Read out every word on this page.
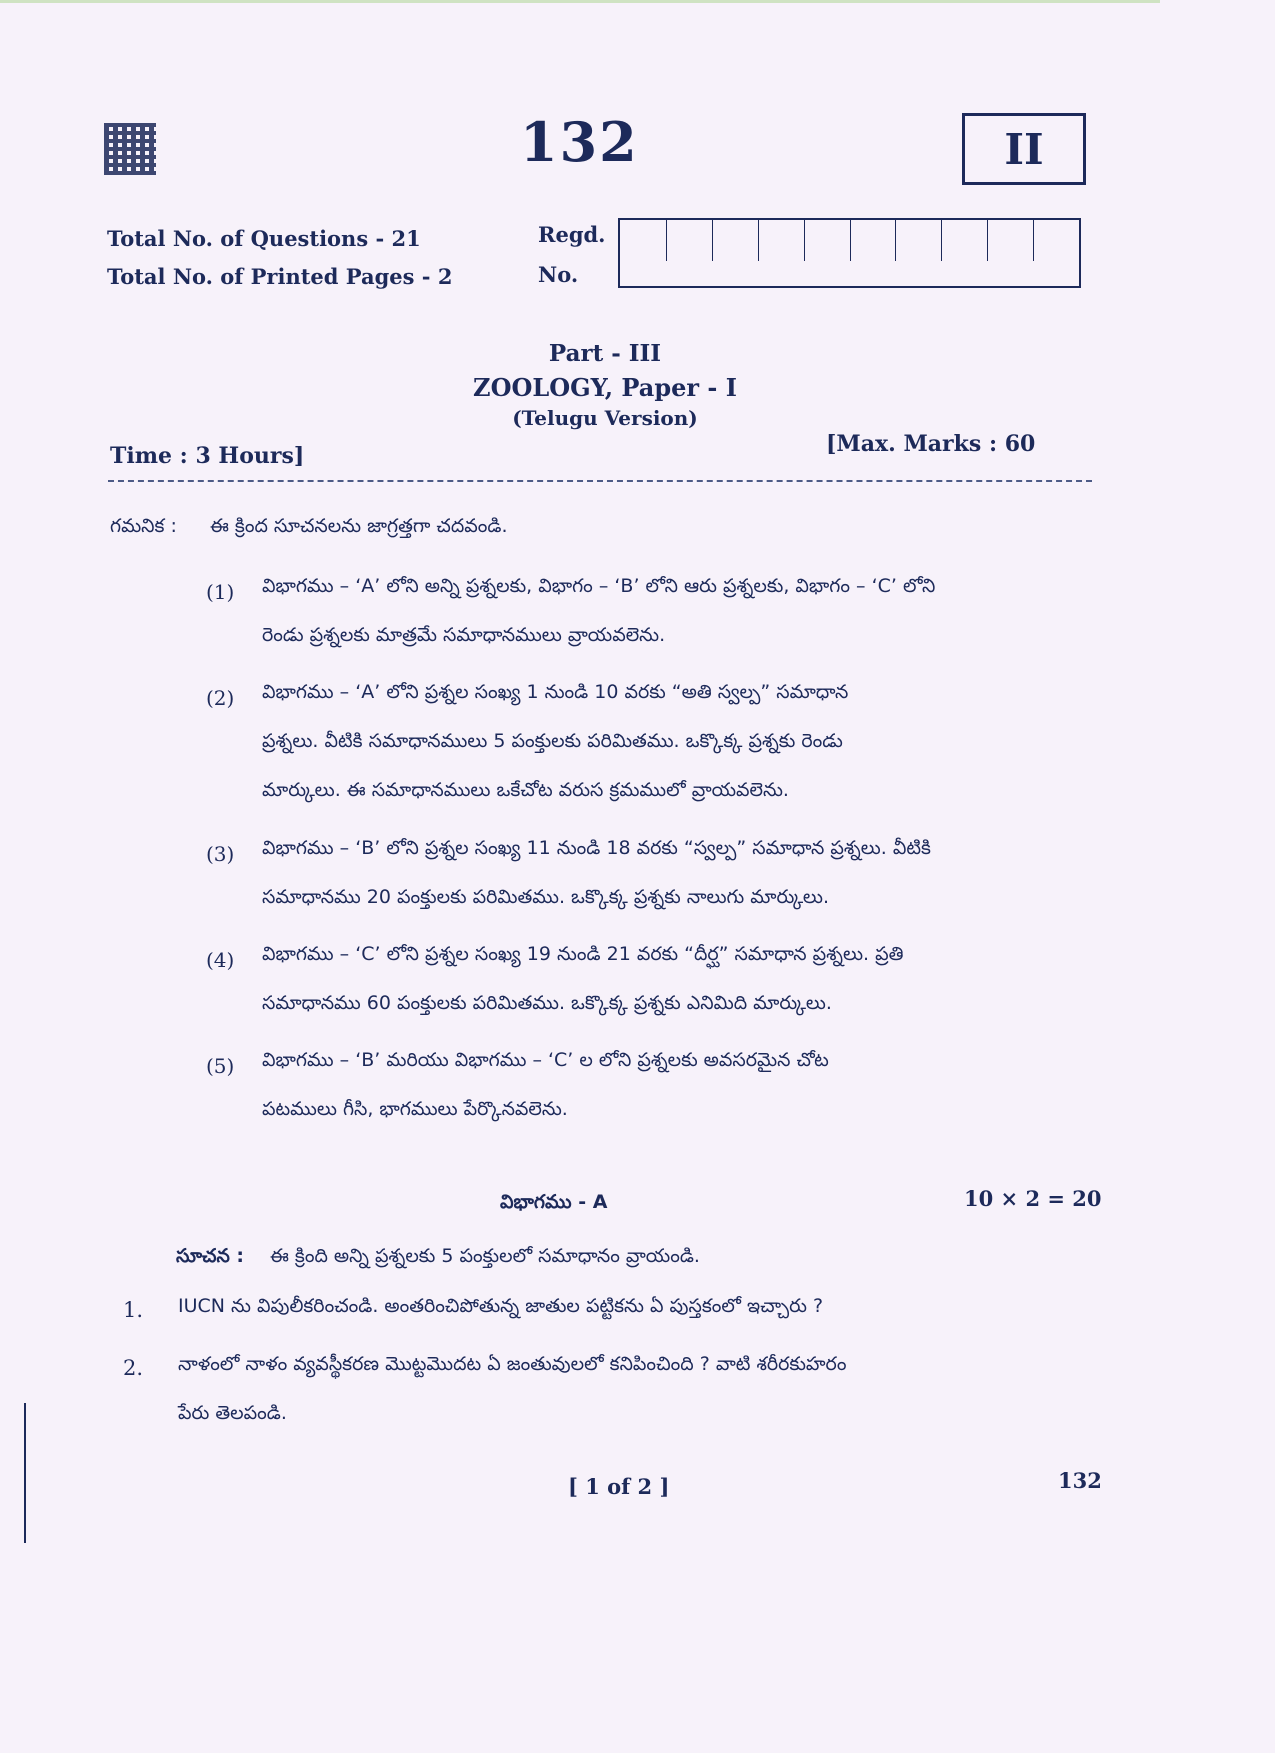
132	II
Total No. of Questions - 21
Total No. of Printed Pages - 2
Regd.
No.
Part - III
ZOOLOGY, Paper - I
(Telugu Version)
Time : 3 Hours]	[Max. Marks : 60
గమనిక : ఈ క్రింద సూచనలను జాగ్రత్తగా చదవండి.
(1) విభాగము – ‘A’ లోని అన్ని ప్రశ్నలకు, విభాగం – ‘B’ లోని ఆరు ప్రశ్నలకు, విభాగం – ‘C’ లోని
రెండు ప్రశ్నలకు మాత్రమే సమాధానములు వ్రాయవలెను.
(2) విభాగము – ‘A’ లోని ప్రశ్నల సంఖ్య 1 నుండి 10 వరకు “అతి స్వల్ప” సమాధాన
ప్రశ్నలు. వీటికి సమాధానములు 5 పంక్తులకు పరిమితము. ఒక్కొక్క ప్రశ్నకు రెండు
మార్కులు. ఈ సమాధానములు ఒకేచోట వరుస క్రమములో వ్రాయవలెను.
(3) విభాగము – ‘B’ లోని ప్రశ్నల సంఖ్య 11 నుండి 18 వరకు “స్వల్ప” సమాధాన ప్రశ్నలు. వీటికి
సమాధానము 20 పంక్తులకు పరిమితము. ఒక్కొక్క ప్రశ్నకు నాలుగు మార్కులు.
(4) విభాగము – ‘C’ లోని ప్రశ్నల సంఖ్య 19 నుండి 21 వరకు “దీర్ఘ” సమాధాన ప్రశ్నలు. ప్రతి
సమాధానము 60 పంక్తులకు పరిమితము. ఒక్కొక్క ప్రశ్నకు ఎనిమిది మార్కులు.
(5) విభాగము – ‘B’ మరియు విభాగము – ‘C’ ల లోని ప్రశ్నలకు అవసరమైన చోట
పటములు గీసి, భాగములు పేర్కొనవలెను.
విభాగము - A	10 × 2 = 20
సూచన : ఈ క్రింది అన్ని ప్రశ్నలకు 5 పంక్తులలో సమాధానం వ్రాయండి.
1. IUCN ను విపులీకరించండి. అంతరించిపోతున్న జాతుల పట్టికను ఏ పుస్తకంలో ఇచ్చారు ?
2. నాళంలో నాళం వ్యవస్థీకరణ మొట్టమొదట ఏ జంతువులలో కనిపించింది ? వాటి శరీరకుహరం
పేరు తెలపండి.
[ 1 of 2 ]	132
